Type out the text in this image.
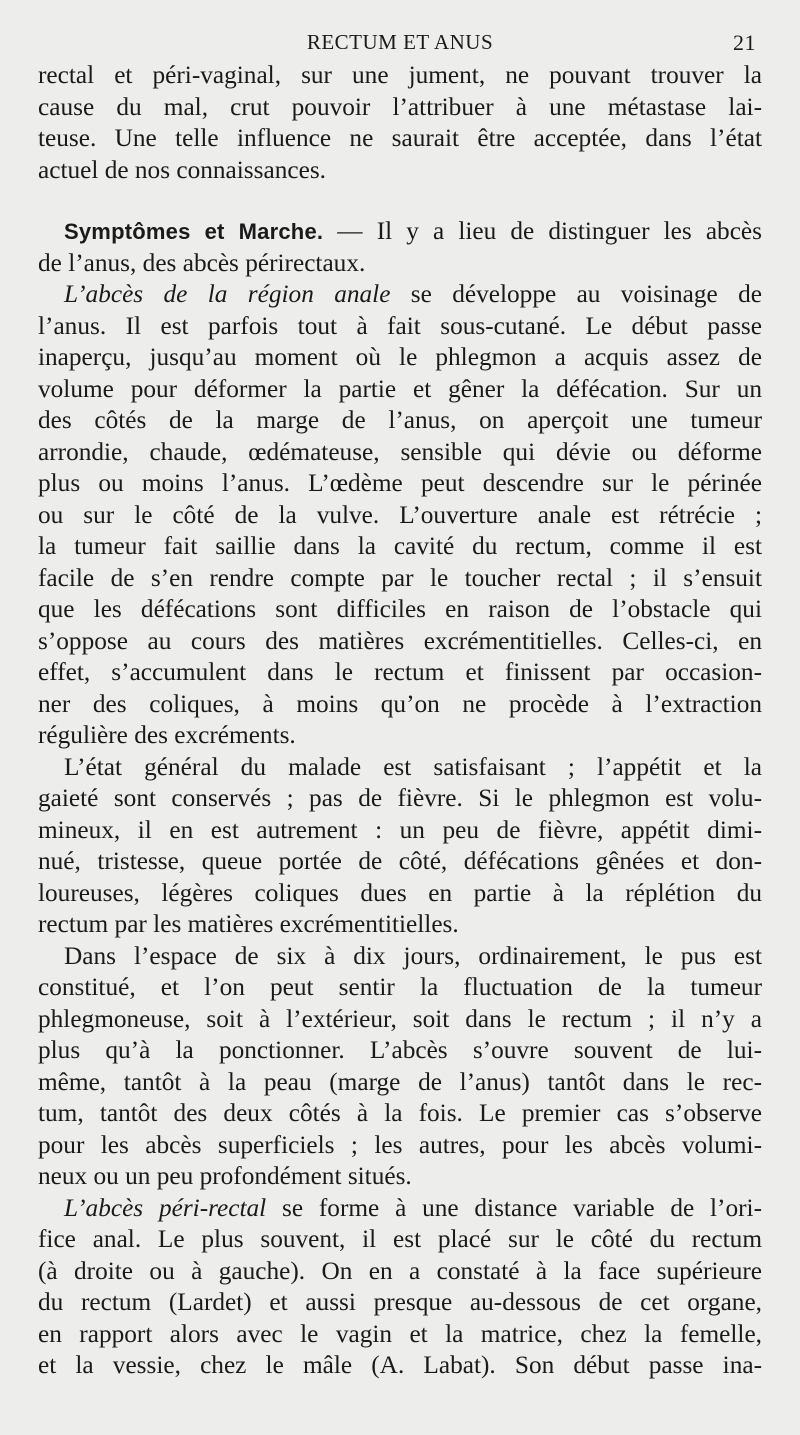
RECTUM ET ANUS	21
rectal et péri-vaginal, sur une jument, ne pouvant trouver la
cause du mal, crut pouvoir l’attribuer à une métastase lai-
teuse. Une telle influence ne saurait être acceptée, dans l’état
actuel de nos connaissances.
Symptômes et Marche. — Il y a lieu de distinguer les abcès
de l’anus, des abcès périrectaux.
L’abcès de la région anale se développe au voisinage de
l’anus. Il est parfois tout à fait sous-cutané. Le début passe
inaperçu, jusqu’au moment où le phlegmon a acquis assez de
volume pour déformer la partie et gêner la défécation. Sur un
des côtés de la marge de l’anus, on aperçoit une tumeur
arrondie, chaude, œdémateuse, sensible qui dévie ou déforme
plus ou moins l’anus. L’œdème peut descendre sur le périnée
ou sur le côté de la vulve. L’ouverture anale est rétrécie ;
la tumeur fait saillie dans la cavité du rectum, comme il est
facile de s’en rendre compte par le toucher rectal ; il s’ensuit
que les défécations sont difficiles en raison de l’obstacle qui
s’oppose au cours des matières excrémentitielles. Celles-ci, en
effet, s’accumulent dans le rectum et finissent par occasion-
ner des coliques, à moins qu’on ne procède à l’extraction
régulière des excréments.
L’état général du malade est satisfaisant ; l’appétit et la
gaieté sont conservés ; pas de fièvre. Si le phlegmon est volu-
mineux, il en est autrement : un peu de fièvre, appétit dimi-
nué, tristesse, queue portée de côté, défécations gênées et don-
loureuses, légères coliques dues en partie à la réplétion du
rectum par les matières excrémentitielles.
Dans l’espace de six à dix jours, ordinairement, le pus est
constitué, et l’on peut sentir la fluctuation de la tumeur
phlegmoneuse, soit à l’extérieur, soit dans le rectum ; il n’y a
plus qu’à la ponctionner. L’abcès s’ouvre souvent de lui-
même, tantôt à la peau (marge de l’anus) tantôt dans le rec-
tum, tantôt des deux côtés à la fois. Le premier cas s’observe
pour les abcès superficiels ; les autres, pour les abcès volumi-
neux ou un peu profondément situés.
L’abcès péri-rectal se forme à une distance variable de l’ori-
fice anal. Le plus souvent, il est placé sur le côté du rectum
(à droite ou à gauche). On en a constaté à la face supérieure
du rectum (Lardet) et aussi presque au-dessous de cet organe,
en rapport alors avec le vagin et la matrice, chez la femelle,
et la vessie, chez le mâle (A. Labat). Son début passe ina-
